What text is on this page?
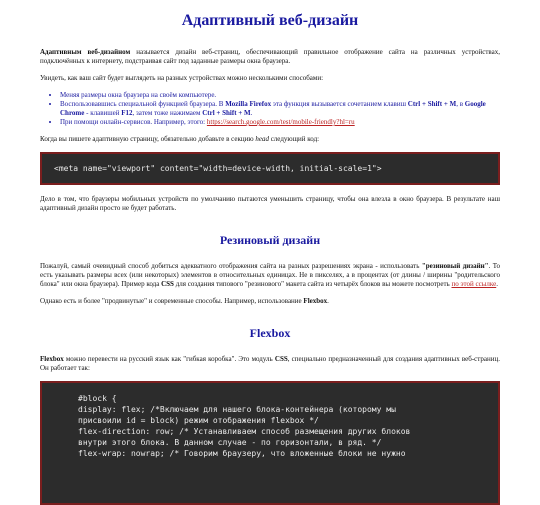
Адаптивный веб-дизайн

Адаптивным веб-дизайном называется дизайн веб-страниц, обеспечивающий правильное отображение сайта на различных устройствах, подключённых к интернету, подстраивая сайт под заданные размеры окна браузера.

Увидеть, как ваш сайт будет выглядеть на разных устройствах можно несколькими способами:

• Меняя размеры окна браузера на своём компьютере.
• Воспользовавшись специальной функцией браузера. В Mozilla Firefox эта функция вызывается сочетанием клавиш Ctrl + Shift + M, в Google Chrome - клавишей F12, затем тоже нажимаем Ctrl + Shift + M.
• При помощи онлайн-сервисов. Например, этого: https://search.google.com/test/mobile-friendly?hl=ru

Когда вы пишете адаптивную страницу, обязательно добавьте в секцию head следующий код:

<meta name="viewport" content="width=device-width, initial-scale=1">

Дело в том, что браузеры мобильных устройств по умолчанию пытаются уменьшить страницу, чтобы она влезла в окно браузера. В результате наш адаптивный дизайн просто не будет работать.

Резиновый дизайн

Пожалуй, самый очевидный способ добиться адекватного отображения сайта на разных разрешениях экрана - использовать "резиновый дизайн". То есть указывать размеры всех (или некоторых) элементов в относительных единицах. Не в пикселях, а в процентах (от длины / ширины "родительского блока" или окна браузера). Пример кода CSS для создания типового "резинового" макета сайта из четырёх блоков вы можете посмотреть по этой ссылке.

Однако есть и более "продвинутые" и современные способы. Например, использование Flexbox.

Flexbox

Flexbox можно перевести на русский язык как "гибкая коробка". Это модуль CSS, специально предназначенный для создания адаптивных веб-страниц. Он работает так:

#block {
display: flex; /*Включаем для нашего блока-контейнера (которому мы
присвоили id = block) режим отображения flexbox */
flex-direction: row; /* Устанавливаем способ размещения других блоков
внутри этого блока. В данном случае - по горизонтали, в ряд. */
flex-wrap: nowrap; /* Говорим браузеру, что вложенные блоки не нужно
